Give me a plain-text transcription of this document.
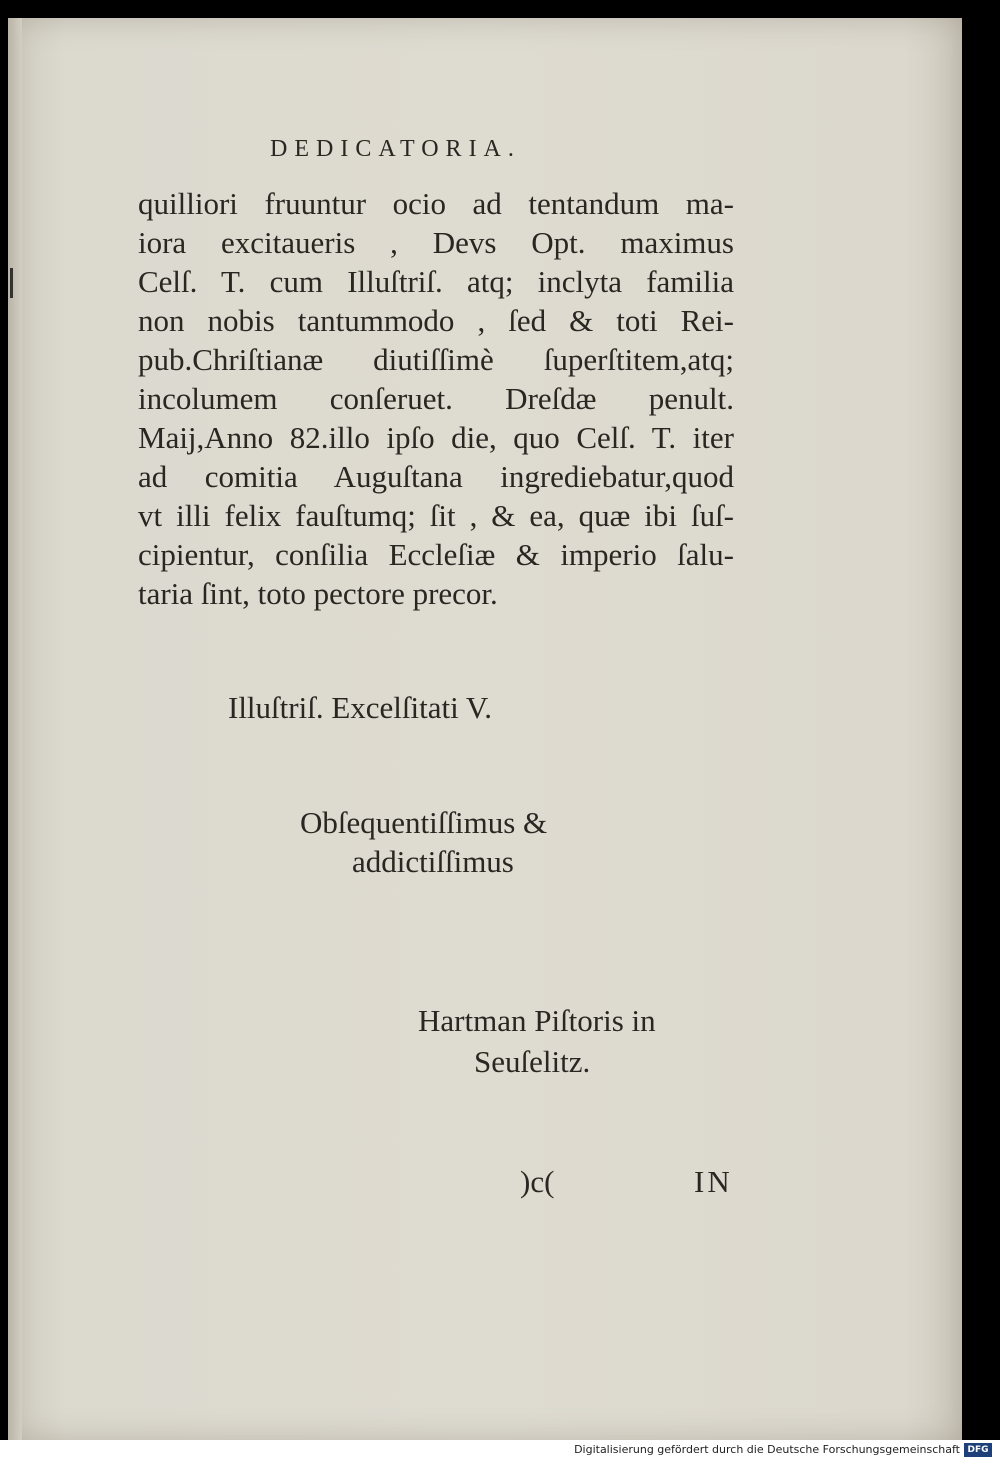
DEDICATORIA.
quilliori fruuntur ocio ad tentandum ma-
iora excitaueris , Devs Opt. maximus
Celſ. T. cum Illuſtriſ. atq; inclyta familia
non nobis tantummodo , ſed & toti Rei-
pub.Chriſtianæ diutiſſimè ſuperſtitem,atq;
incolumem conſeruet. Dreſdæ penult.
Maij,Anno 82.illo ipſo die, quo Celſ. T. iter
ad comitia Auguſtana ingrediebatur,quod
vt illi felix fauſtumq; ſit , & ea, quæ ibi ſuſ-
cipientur, conſilia Eccleſiæ & imperio ſalu-
taria ſint, toto pectore precor.
Illuſtriſ. Excelſitati V.
Obſequentiſſimus &
addictiſſimus
Hartman Piſtoris in
Seuſelitz.
)c(	IN
Digitalisierung gefördert durch die Deutsche Forschungsgemeinschaft DFG
